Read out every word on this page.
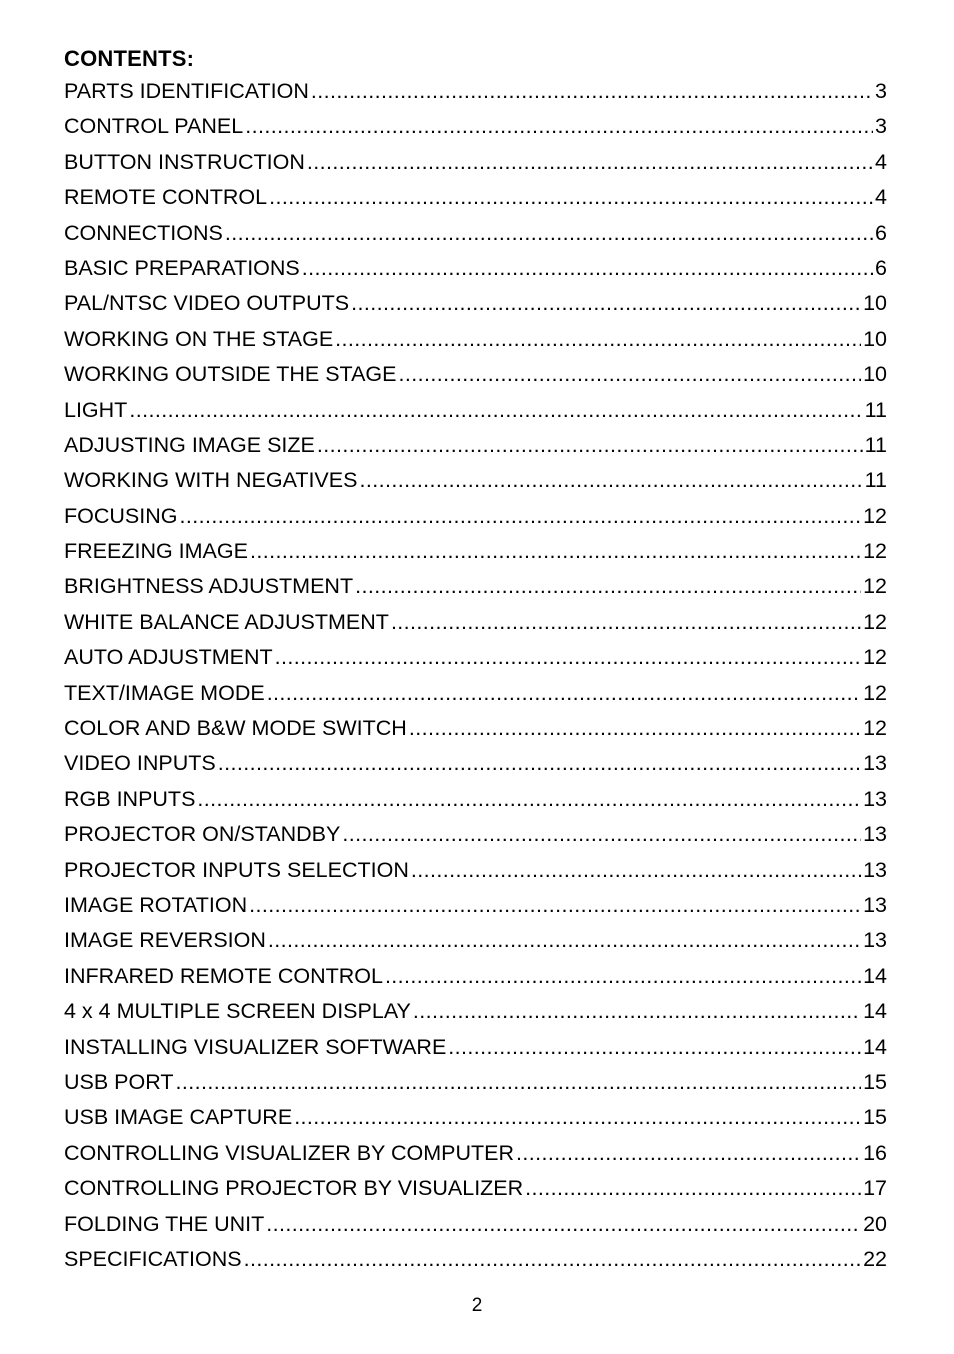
CONTENTS:
PARTS IDENTIFICATION .....	3
CONTROL PANEL .....	3
BUTTON INSTRUCTION .....	4
REMOTE CONTROL .....	4
CONNECTIONS .....	6
BASIC PREPARATIONS .....	6
PAL/NTSC VIDEO OUTPUTS .....	10
WORKING ON THE STAGE .....	10
WORKING OUTSIDE THE STAGE .....	10
LIGHT .....	11
ADJUSTING IMAGE SIZE .....	11
WORKING WITH NEGATIVES .....	11
FOCUSING .....	12
FREEZING IMAGE .....	12
BRIGHTNESS ADJUSTMENT .....	12
WHITE BALANCE ADJUSTMENT .....	12
AUTO ADJUSTMENT .....	12
TEXT/IMAGE MODE .....	12
COLOR AND B&W MODE SWITCH .....	12
VIDEO INPUTS .....	13
RGB INPUTS .....	13
PROJECTOR ON/STANDBY .....	13
PROJECTOR INPUTS SELECTION .....	13
IMAGE ROTATION .....	13
IMAGE REVERSION .....	13
INFRARED REMOTE CONTROL .....	14
4 x 4 MULTIPLE SCREEN DISPLAY .....	14
INSTALLING VISUALIZER SOFTWARE .....	14
USB PORT .....	15
USB IMAGE CAPTURE .....	15
CONTROLLING VISUALIZER BY COMPUTER .....	16
CONTROLLING PROJECTOR BY VISUALIZER .....	17
FOLDING THE UNIT .....	20
SPECIFICATIONS .....	22
2
